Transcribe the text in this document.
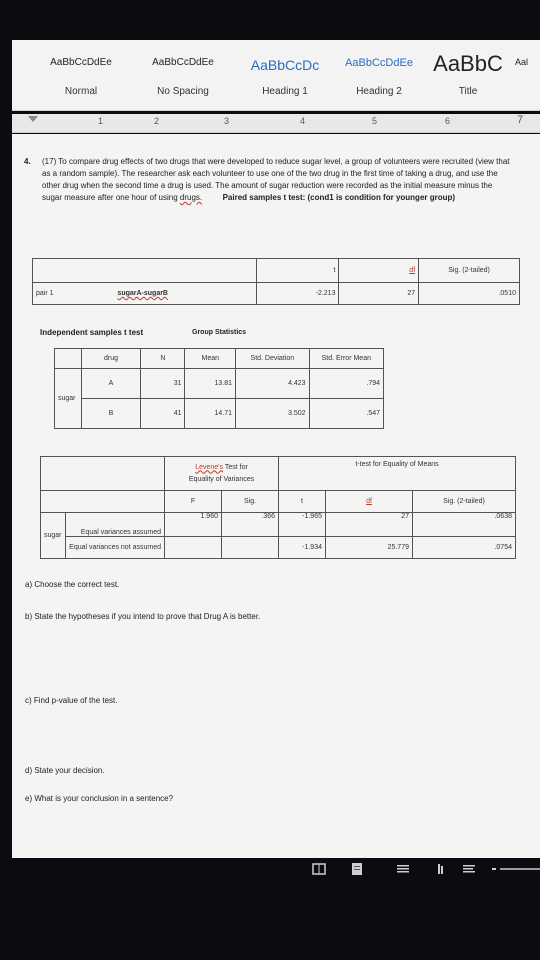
AaBbCcDdEe
Normal
AaBbCcDdEe
No Spacing
AaBbCcDc
Heading 1
AaBbCcDdEe
Heading 2
AaBbC
Title
Aal
1	2	3	4	5	6	7
4. (17) To compare drug effects of two drugs that were developed to reduce sugar level, a group of volunteers were recruited (view that as a random sample). The researcher ask each volunteer to use one of the two drug in the first time of taking a drug, and use the other drug when the second time a drug is used. The amount of sugar reduction were recorded as the initial measure minus the sugar measure after one hour of using drugs.	Paired samples t test: (cond1 is condition for younger group)
	t	df	Sig. (2-tailed)
pair 1 sugarA-sugarB	-2.213	27	.0510
Independent samples t test	Group Statistics
	drug	N	Mean	Std. Deviation	Std. Error Mean
sugar	A	31	13.81	4.423	.794
	B	41	14.71	3.502	.547
		Levene's Test for
Equality of Variances		t-test for Equality of Means		
		F	Sig.	t	df	Sig. (2-tailed)
sugar	Equal variances assumed	1.960	.366	-1.965	27	.0638
	Equal variances not assumed			-1.934	25.779	.0754
a) Choose the correct test.
b) State the hypotheses if you intend to prove that Drug A is better.
c) Find p-value of the test.
d) State your decision.
e) What is your conclusion in a sentence?
